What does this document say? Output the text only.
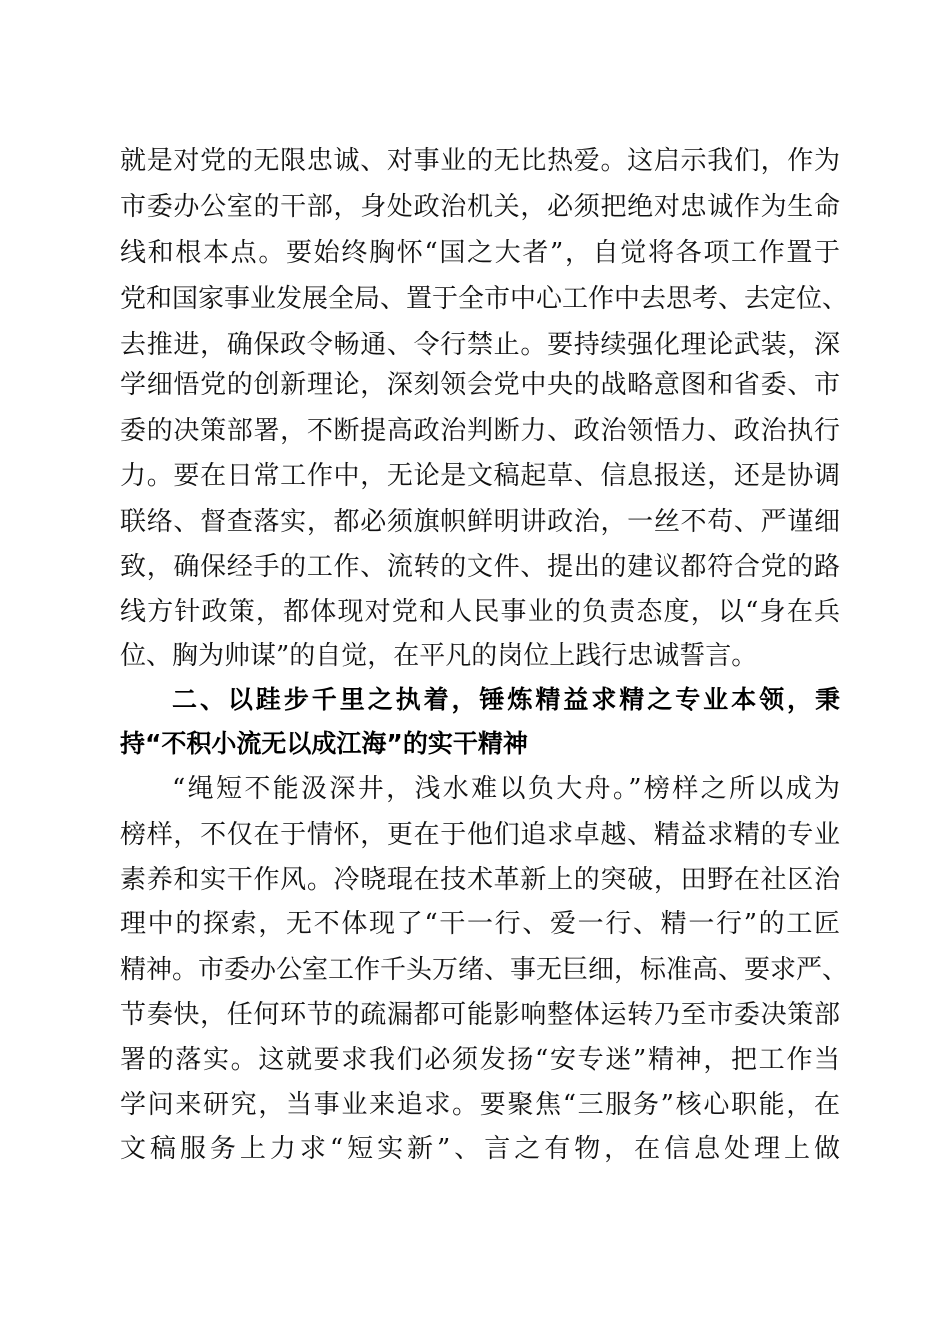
就是对党的无限忠诚、对事业的无比热爱。这启示我们，作为
市委办公室的干部，身处政治机关，必须把绝对忠诚作为生命
线和根本点。要始终胸怀“国之大者”，自觉将各项工作置于
党和国家事业发展全局、置于全市中心工作中去思考、去定位、
去推进，确保政令畅通、令行禁止。要持续强化理论武装，深
学细悟党的创新理论，深刻领会党中央的战略意图和省委、市
委的决策部署，不断提高政治判断力、政治领悟力、政治执行
力。要在日常工作中，无论是文稿起草、信息报送，还是协调
联络、督查落实，都必须旗帜鲜明讲政治，一丝不苟、严谨细
致，确保经手的工作、流转的文件、提出的建议都符合党的路
线方针政策，都体现对党和人民事业的负责态度，以“身在兵
位、胸为帅谋”的自觉，在平凡的岗位上践行忠诚誓言。
二、以跬步千里之执着，锤炼精益求精之专业本领，秉
持“不积小流无以成江海”的实干精神
“绳短不能汲深井，浅水难以负大舟。”榜样之所以成为
榜样，不仅在于情怀，更在于他们追求卓越、精益求精的专业
素养和实干作风。冷晓琨在技术革新上的突破，田野在社区治
理中的探索，无不体现了“干一行、爱一行、精一行”的工匠
精神。市委办公室工作千头万绪、事无巨细，标准高、要求严、
节奏快，任何环节的疏漏都可能影响整体运转乃至市委决策部
署的落实。这就要求我们必须发扬“安专迷”精神，把工作当
学问来研究，当事业来追求。要聚焦“三服务”核心职能，在
文稿服务上力求“短实新”、言之有物，在信息处理上做
